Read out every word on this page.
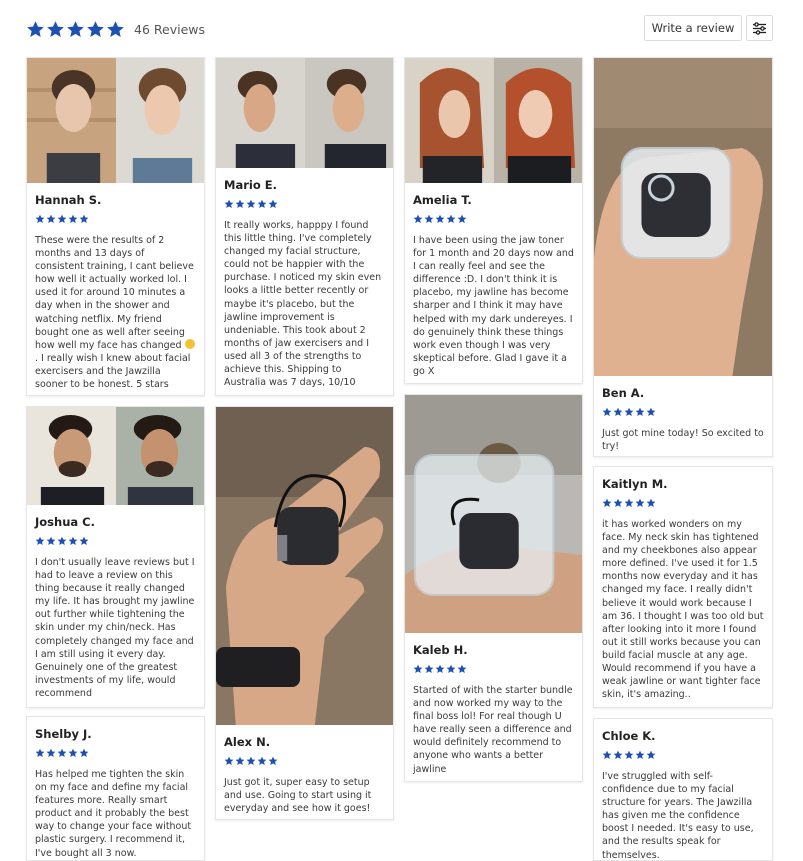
46 Reviews	Write a review
Hannah S.
These were the results of 2 months and 13 days of consistent training, I cant believe how well it actually worked lol. I used it for around 10 minutes a day when in the shower and watching netflix. My friend bought one as well after seeing how well my face has changed . I really wish I knew about facial exercisers and the Jawzilla sooner to be honest. 5 stars
Joshua C.
I don't usually leave reviews but I had to leave a review on this thing because it really changed my life. It has brought my jawline out further while tightening the skin under my chin/neck. Has completely changed my face and I am still using it every day. Genuinely one of the greatest investments of my life, would recommend
Shelby J.
Has helped me tighten the skin on my face and define my facial features more. Really smart product and it probably the best way to change your face without plastic surgery. I recommend it, I've bought all 3 now.
Mario E.
It really works, happpy I found this little thing. I've completely changed my facial structure, could not be happier with the purchase. I noticed my skin even looks a little better recently or maybe it's placebo, but the jawline improvement is undeniable. This took about 2 months of jaw exercisers and I used all 3 of the strengths to achieve this. Shipping to Australia was 7 days, 10/10
Alex N.
Just got it, super easy to setup and use. Going to start using it everyday and see how it goes!
Amelia T.
I have been using the jaw toner for 1 month and 20 days now and I can really feel and see the difference :D. I don't think it is placebo, my jawline has become sharper and I think it may have helped with my dark undereyes. I do genuinely think these things work even though I was very skeptical before. Glad I gave it a go X
Kaleb H.
Started of with the starter bundle and now worked my way to the final boss lol! For real though U have really seen a difference and would definitely recommend to anyone who wants a better jawline
Ben A.
Just got mine today! So excited to try!
Kaitlyn M.
it has worked wonders on my face. My neck skin has tightened and my cheekbones also appear more defined. I've used it for 1.5 months now everyday and it has changed my face. I really didn't believe it would work because I am 36. I thought I was too old but after looking into it more I found out it still works because you can build facial muscle at any age. Would recommend if you have a weak jawline or want tighter face skin, it's amazing..
Chloe K.
I've struggled with self-confidence due to my facial structure for years. The Jawzilla has given me the confidence boost I needed. It's easy to use, and the results speak for themselves.
